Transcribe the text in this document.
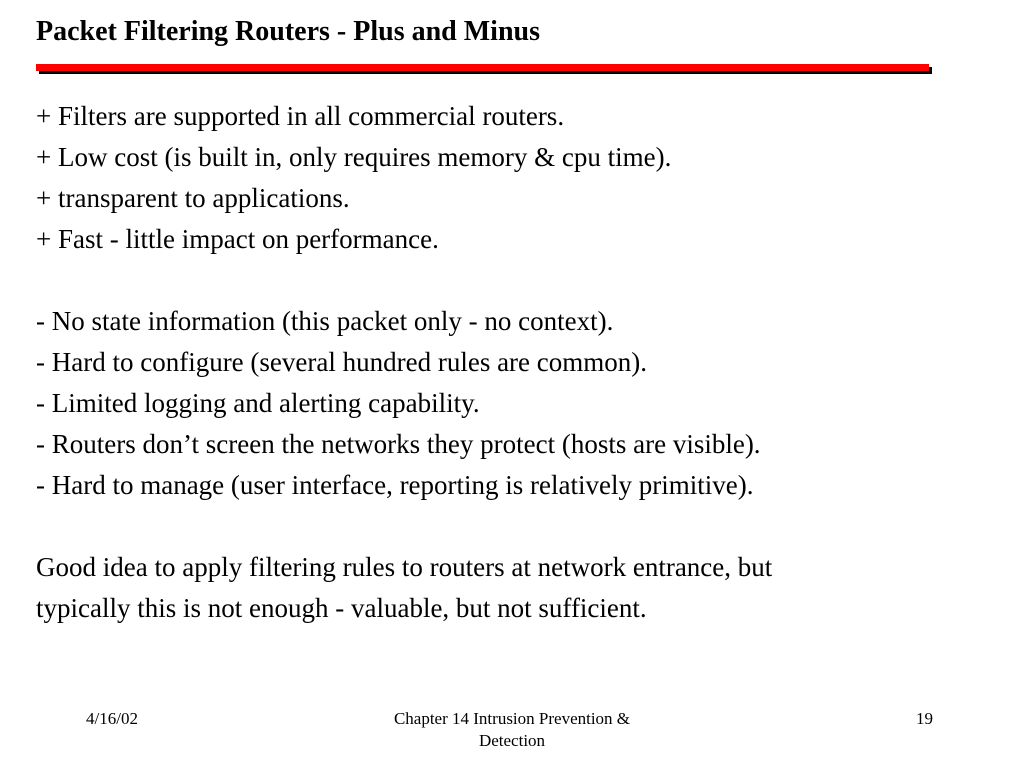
Packet Filtering Routers - Plus and Minus
+ Filters are supported in all commercial routers.
+ Low cost (is built in, only requires memory & cpu time).
+ transparent to applications.
+ Fast - little impact on performance.
- No state information (this packet only - no context).
- Hard to configure (several hundred rules are common).
- Limited logging and alerting capability.
- Routers don’t screen the networks they protect (hosts are visible).
- Hard to manage (user interface, reporting is relatively primitive).
Good idea to apply filtering rules to routers at network entrance, but
typically this is not enough - valuable, but not sufficient.
4/16/02	Chapter 14 Intrusion Prevention & Detection
19
